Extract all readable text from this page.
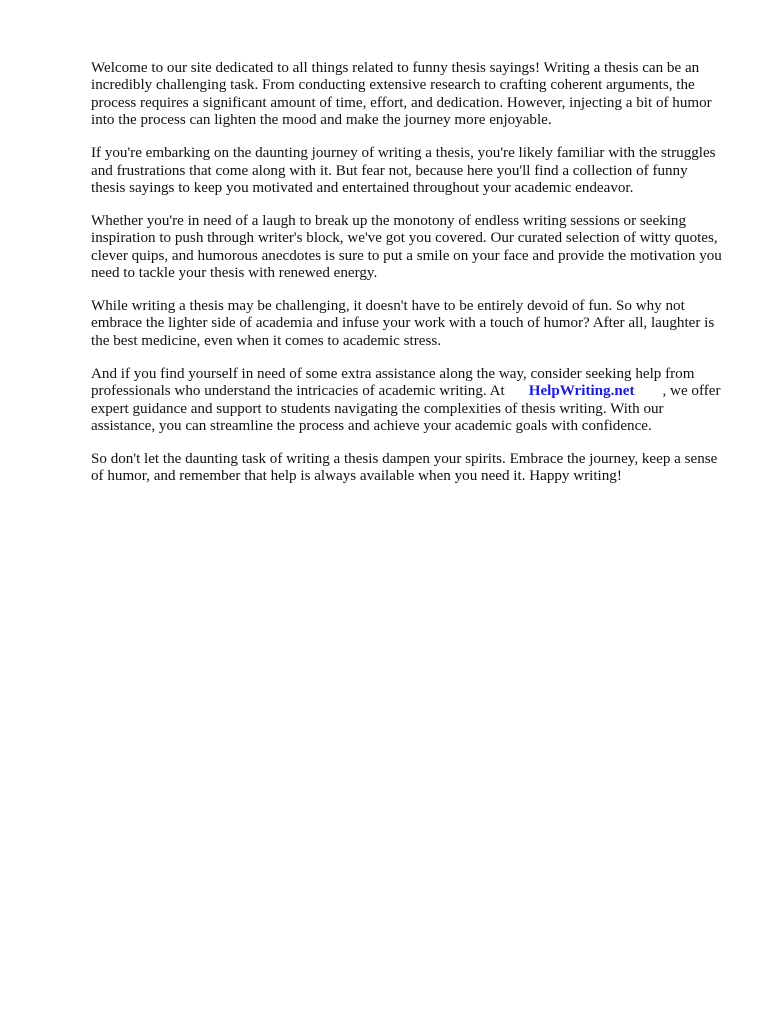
Welcome to our site dedicated to all things related to funny thesis sayings! Writing a thesis can be an incredibly challenging task. From conducting extensive research to crafting coherent arguments, the process requires a significant amount of time, effort, and dedication. However, injecting a bit of humor into the process can lighten the mood and make the journey more enjoyable.

If you're embarking on the daunting journey of writing a thesis, you're likely familiar with the struggles and frustrations that come along with it. But fear not, because here you'll find a collection of funny thesis sayings to keep you motivated and entertained throughout your academic endeavor.

Whether you're in need of a laugh to break up the monotony of endless writing sessions or seeking inspiration to push through writer's block, we've got you covered. Our curated selection of witty quotes, clever quips, and humorous anecdotes is sure to put a smile on your face and provide the motivation you need to tackle your thesis with renewed energy.

While writing a thesis may be challenging, it doesn't have to be entirely devoid of fun. So why not embrace the lighter side of academia and infuse your work with a touch of humor? After all, laughter is the best medicine, even when it comes to academic stress.

And if you find yourself in need of some extra assistance along the way, consider seeking help from professionals who understand the intricacies of academic writing. At HelpWriting.net , we offer expert guidance and support to students navigating the complexities of thesis writing. With our assistance, you can streamline the process and achieve your academic goals with confidence.

So don't let the daunting task of writing a thesis dampen your spirits. Embrace the journey, keep a sense of humor, and remember that help is always available when you need it. Happy writing!
